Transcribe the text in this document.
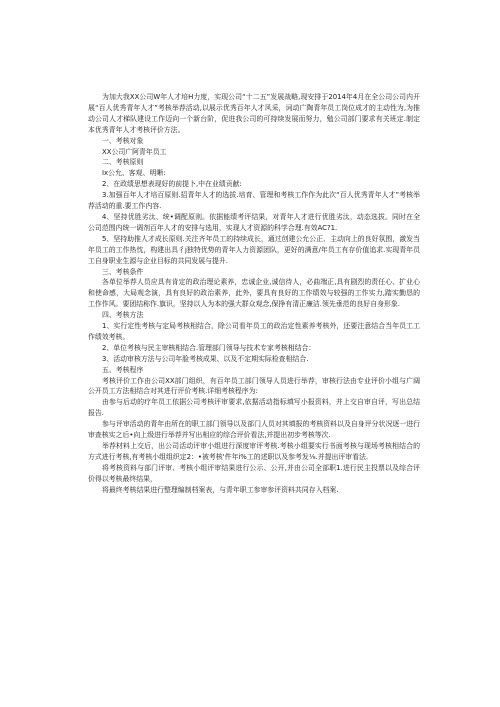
为加大我XX公司W年人才培H力度，实现公司“十二五”发展战略,现安排于2014年4月在全公司公司内开展“百人优秀青年人才”考核举荐活动,以展示优秀百年人才风采，词动广陶青年员工岗位成才的主动性为,为推动公司人才梯队建设工作迈向一个新台阶，促进我公司的可持续发展而努力，勉公司部门要求有关班定.制定本优秀青年人才考核评价方法。

一、考核对象

XX公司广阿青年员工

二、考核原则

Ix公允、客观、明晰:

2、在政绩思想表现好的前提卜,中在业绩贡献:

3.加强百年人才培百原则.招青年人才的选拔.培育、管理和考核工作作为此次“百人优秀青年人才”考核举荐活动的重.要工作内容.

4、坚持优胜劣汰、统•调配原则。依据能绩考评结果，对青年人才进行优胜劣汰，动态选拔。同时在全公司范围内统一调剂百年人才的安排与选用，实现人才资源的科学合理.有效AC?1.

5、坚持助推人才成长原则.关注齐年员工的持续成长，通过创建公允公正、主动向上的良好氛围，激发当年员工的工作热忱，构建出具彳j独特优势的青年人力资源团队，更好的满意/年员工有存价值追求.实现青年员工自身职业生源与企业目标的共同发展与提升.

三、考核条件

各单位举荐人员应具有肯定的政治理论素养，忠诚企业,诚信待人，必曲端正,具有剧烈的责任心、扩业心和使命感，大局观念演，具有良好的政治素养，此外，要具有良好的工作绩效与较强的工作实力,踏实勤恳的工作作风。要团结称作.旗识，坚持以人为本的强大群众观念,保挣有清正廉洁.领先垂范的良好自身形象.

四、考核方法

1、实行定性考核与定局考核相结合，除公司看年员工的政治定性素养考核外，还要注意结合当年员工工作绩效考核。

2、单位考核与民主审核相结合.管理部门领导与技术专家考核相结合：

3、活动审核方法与公司年脸考核成果、以及不定期实际检查相结合.

五、考核程序

考核评价工作由公司XX部门组织，有百年员工部门领导人员进行举荐，审核行法由专业评价小组与广阔公开员工方法相结合对其进行评价考核.详细考核程序为:

由参与后动的疗年员工依据公司考核评审要求,依据活动指标填写小报资料，并上交自审自评，写出总结报告.

参与评审活动的青年由所在的职工部门领导以及部门人员对其填报的考核资料以及自身评分状况逐一进行审查核实之后•向上级进行举荐并写出相应的综合评价看法,并提出初步考核等次.

举荐材料上交后，出公司活动评审小组进行深度审评考核.考核小组要实行书面考核与现场考核相结合的方式进行考核,有考核小组组织定2：•被考核'件年i%工的述职以及参考发⅛.并提出评审看法.

将考核资料与部门评审、考核小组评审结果进行公示、公开,并由公司全部职1.进行民主投票以及综合评价得以考核最终结果，

将最终考核结果进行整理编制档案表，与青年职工参审参评资料共同存入档案.
